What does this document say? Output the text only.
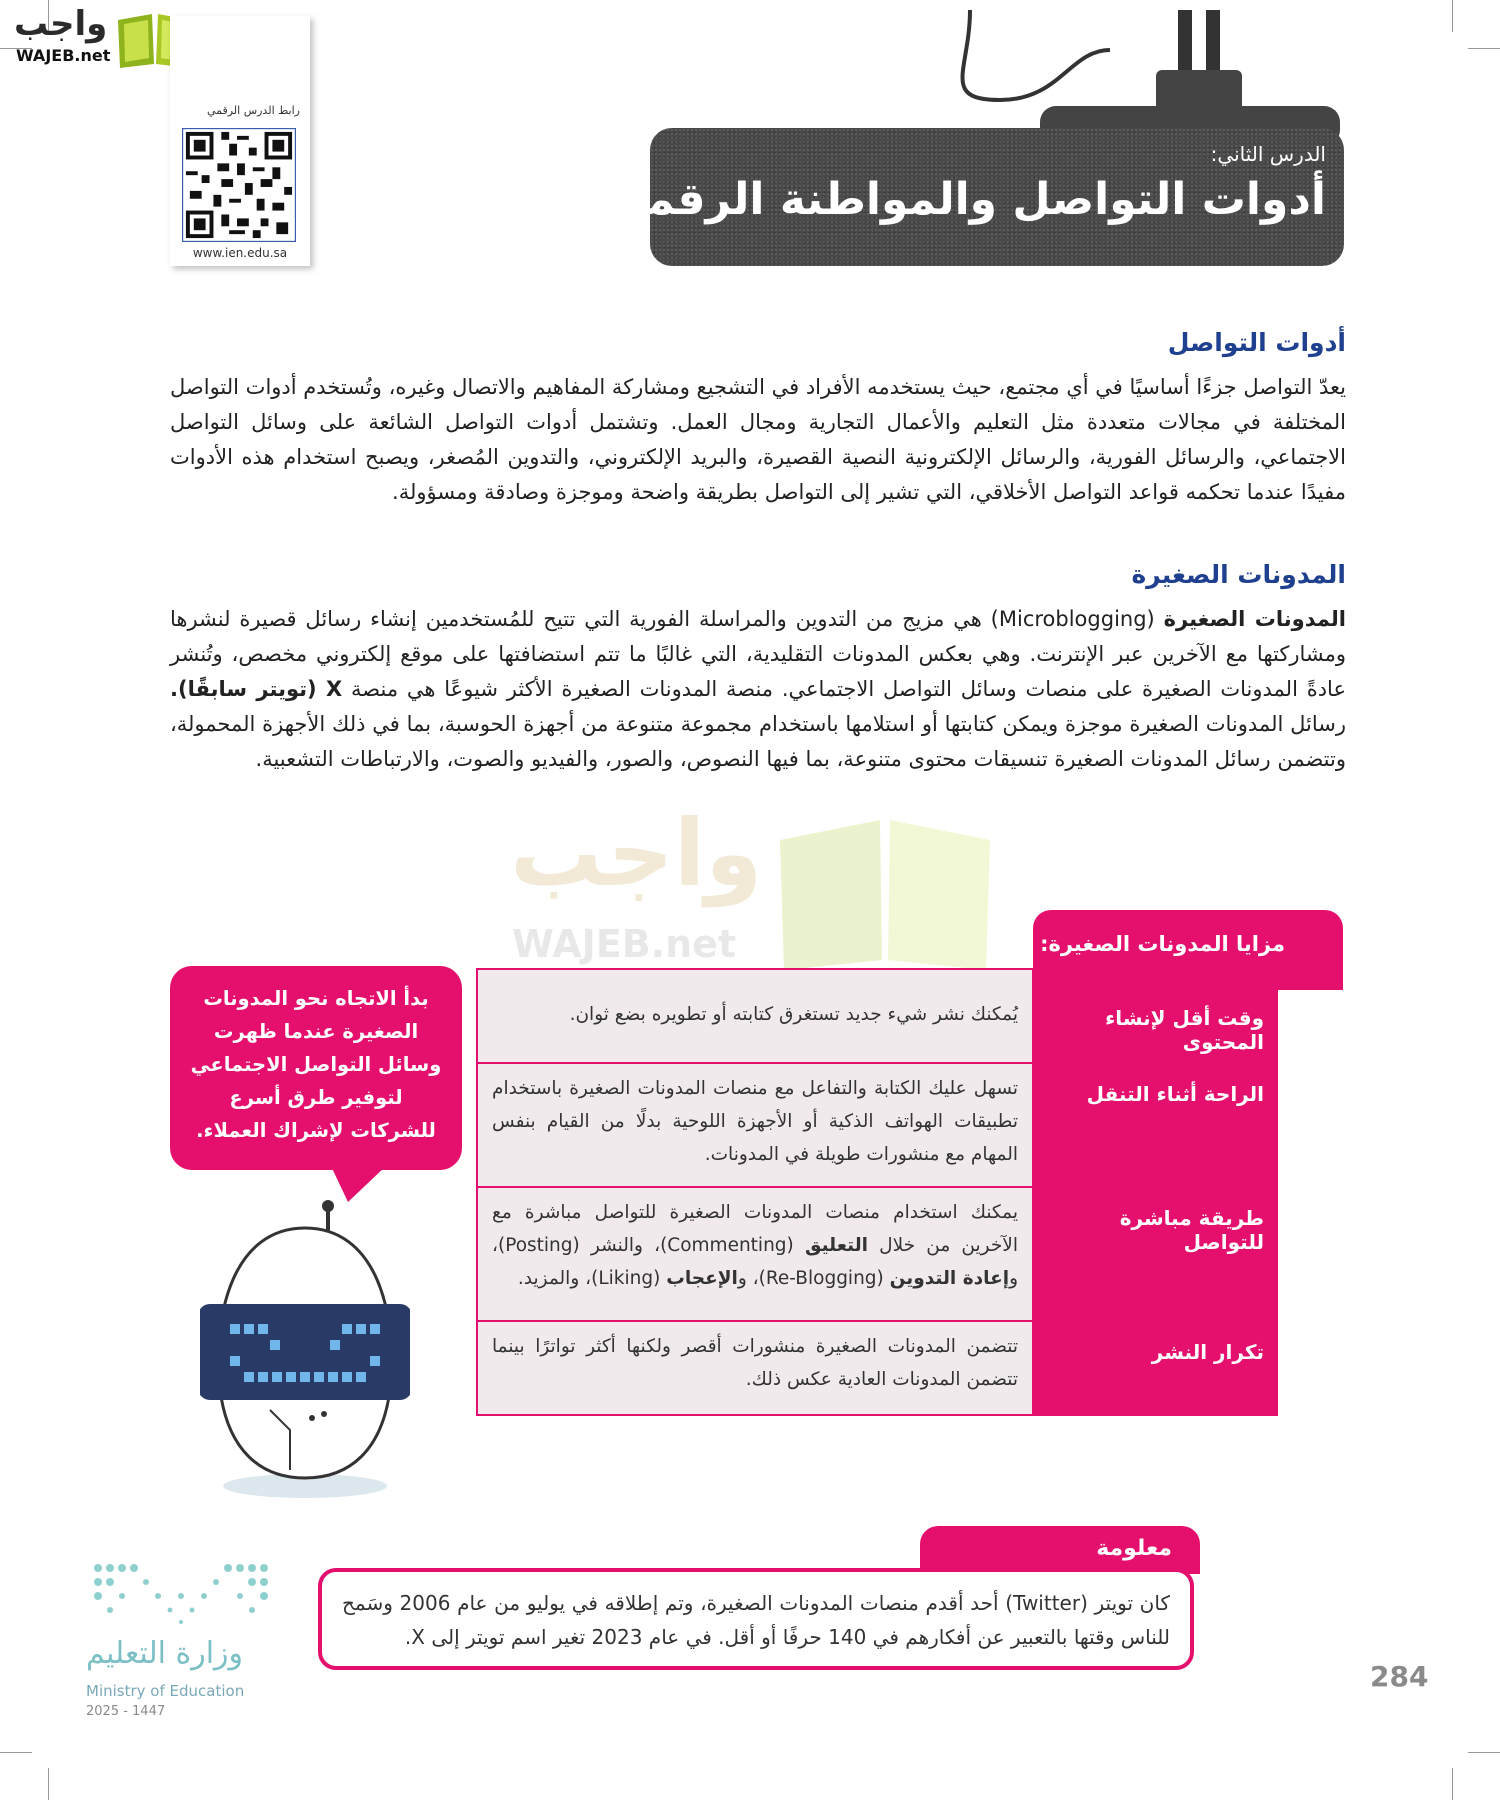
واجب
WAJEB.net
رابط الدرس الرقمي
www.ien.edu.sa
الدرس الثاني:
أدوات التواصل والمواطنة الرقمية
أدوات التواصل
يعدّ التواصل جزءًا أساسيًا في أي مجتمع، حيث يستخدمه الأفراد في التشجيع ومشاركة المفاهيم والاتصال وغيره، وتُستخدم أدوات التواصل المختلفة في مجالات متعددة مثل التعليم والأعمال التجارية ومجال العمل. وتشتمل أدوات التواصل الشائعة على وسائل التواصل الاجتماعي، والرسائل الفورية، والرسائل الإلكترونية النصية القصيرة، والبريد الإلكتروني، والتدوين المُصغر، ويصبح استخدام هذه الأدوات مفيدًا عندما تحكمه قواعد التواصل الأخلاقي، التي تشير إلى التواصل بطريقة واضحة وموجزة وصادقة ومسؤولة.
المدونات الصغيرة
المدونات الصغيرة (Microblogging) هي مزيج من التدوين والمراسلة الفورية التي تتيح للمُستخدمين إنشاء رسائل قصيرة لنشرها ومشاركتها مع الآخرين عبر الإنترنت. وهي بعكس المدونات التقليدية، التي غالبًا ما تتم استضافتها على موقع إلكتروني مخصص، وتُنشر عادةً المدونات الصغيرة على منصات وسائل التواصل الاجتماعي. منصة المدونات الصغيرة الأكثر شيوعًا هي منصة X (تويتر سابقًا). رسائل المدونات الصغيرة موجزة ويمكن كتابتها أو استلامها باستخدام مجموعة متنوعة من أجهزة الحوسبة، بما في ذلك الأجهزة المحمولة، وتتضمن رسائل المدونات الصغيرة تنسيقات محتوى متنوعة، بما فيها النصوص، والصور، والفيديو والصوت، والارتباطات التشعبية.
واجب
WAJEB.net	مزايا المدونات الصغيرة:
وقت أقل لإنشاء المحتوى
يُمكنك نشر شيء جديد تستغرق كتابته أو تطويره بضع ثوان.
الراحة أثناء التنقل
تسهل عليك الكتابة والتفاعل مع منصات المدونات الصغيرة باستخدام تطبيقات الهواتف الذكية أو الأجهزة اللوحية بدلًا من القيام بنفس المهام مع منشورات طويلة في المدونات.
طريقة مباشرة للتواصل
يمكنك استخدام منصات المدونات الصغيرة للتواصل مباشرة مع الآخرين من خلال التعليق (Commenting)، والنشر (Posting)، وإعادة التدوين (Re-Blogging)، والإعجاب (Liking)، والمزيد.
تكرار النشر
تتضمن المدونات الصغيرة منشورات أقصر ولكنها أكثر تواترًا بينما تتضمن المدونات العادية عكس ذلك.
بدأ الاتجاه نحو المدونات الصغيرة عندما ظهرت وسائل التواصل الاجتماعي لتوفير طرق أسرع للشركات لإشراك العملاء.
معلومة
كان تويتر (Twitter) أحد أقدم منصات المدونات الصغيرة، وتم إطلاقه في يوليو من عام 2006 وسَمح للناس وقتها بالتعبير عن أفكارهم في 140 حرفًا أو أقل. في عام 2023 تغير اسم تويتر إلى X.
وزارة التعليم
Ministry of Education
2025 - 1447
284
